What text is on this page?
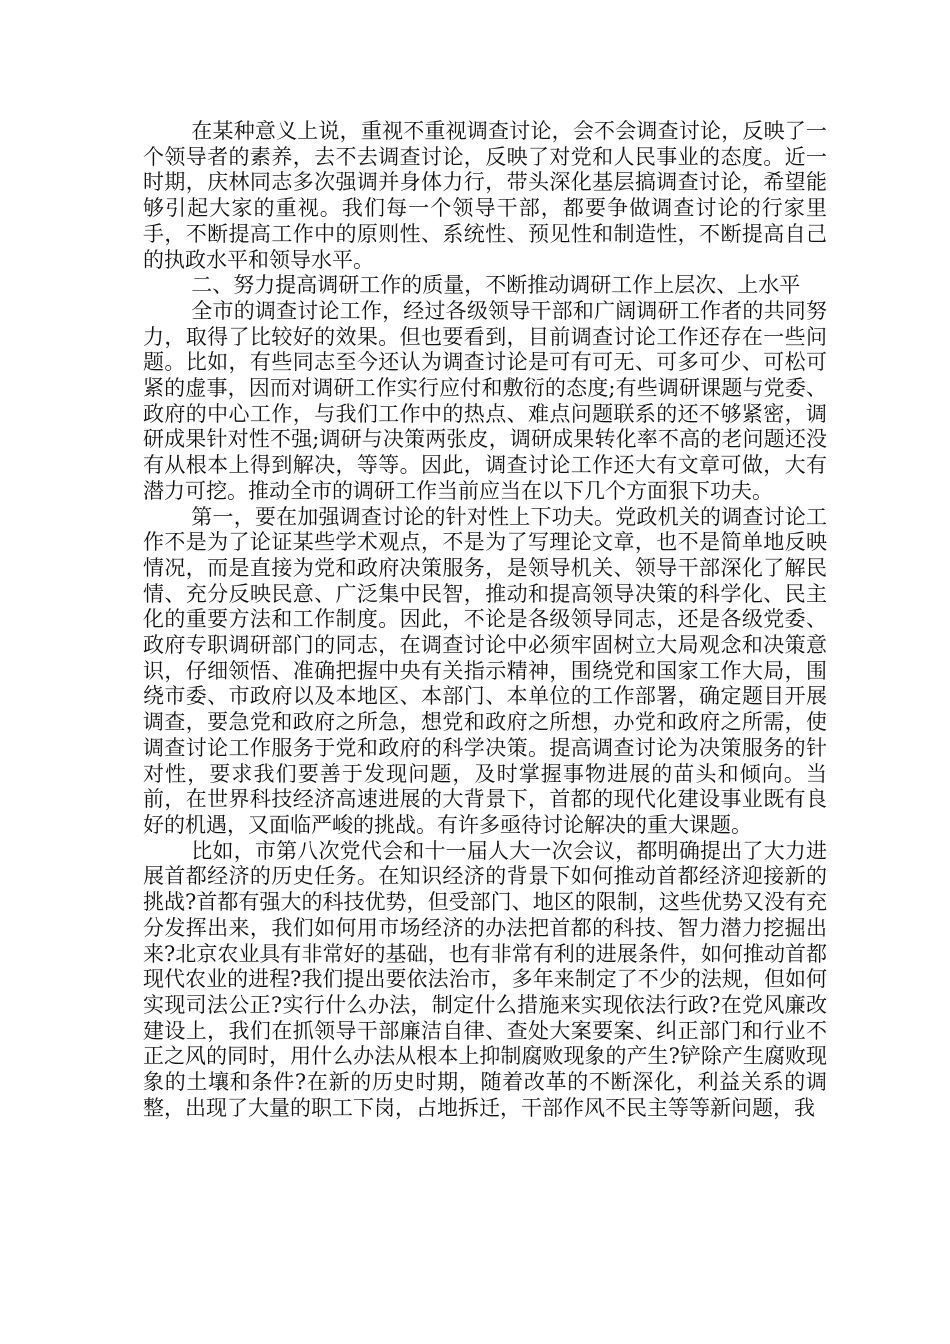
在某种意义上说，重视不重视调查讨论，会不会调查讨论，反映了一个领导者的素养，去不去调查讨论，反映了对党和人民事业的态度。近一时期，庆林同志多次强调并身体力行，带头深化基层搞调查讨论，希望能够引起大家的重视。我们每一个领导干部，都要争做调查讨论的行家里手，不断提高工作中的原则性、系统性、预见性和制造性，不断提高自己的执政水平和领导水平。

二、努力提高调研工作的质量，不断推动调研工作上层次、上水平

全市的调查讨论工作，经过各级领导干部和广阔调研工作者的共同努力，取得了比较好的效果。但也要看到，目前调查讨论工作还存在一些问题。比如，有些同志至今还认为调查讨论是可有可无、可多可少、可松可紧的虚事，因而对调研工作实行应付和敷衍的态度;有些调研课题与党委、政府的中心工作，与我们工作中的热点、难点问题联系的还不够紧密，调研成果针对性不强;调研与决策两张皮，调研成果转化率不高的老问题还没有从根本上得到解决，等等。因此，调查讨论工作还大有文章可做，大有潜力可挖。推动全市的调研工作当前应当在以下几个方面狠下功夫。

第一，要在加强调查讨论的针对性上下功夫。党政机关的调查讨论工作不是为了论证某些学术观点，不是为了写理论文章，也不是简单地反映情况，而是直接为党和政府决策服务，是领导机关、领导干部深化了解民情、充分反映民意、广泛集中民智，推动和提高领导决策的科学化、民主化的重要方法和工作制度。因此，不论是各级领导同志，还是各级党委、政府专职调研部门的同志，在调查讨论中必须牢固树立大局观念和决策意识，仔细领悟、准确把握中央有关指示精神，围绕党和国家工作大局，围绕市委、市政府以及本地区、本部门、本单位的工作部署，确定题目开展调查，要急党和政府之所急，想党和政府之所想，办党和政府之所需，使调查讨论工作服务于党和政府的科学决策。提高调查讨论为决策服务的针对性，要求我们要善于发现问题，及时掌握事物进展的苗头和倾向。当前，在世界科技经济高速进展的大背景下，首都的现代化建设事业既有良好的机遇，又面临严峻的挑战。有许多亟待讨论解决的重大课题。

比如，市第八次党代会和十一届人大一次会议，都明确提出了大力进展首都经济的历史任务。在知识经济的背景下如何推动首都经济迎接新的挑战?首都有强大的科技优势，但受部门、地区的限制，这些优势又没有充分发挥出来，我们如何用市场经济的办法把首都的科技、智力潜力挖掘出来?北京农业具有非常好的基础，也有非常有利的进展条件，如何推动首都现代农业的进程?我们提出要依法治市，多年来制定了不少的法规，但如何实现司法公正?实行什么办法，制定什么措施来实现依法行政?在党风廉改建设上，我们在抓领导干部廉洁自律、查处大案要案、纠正部门和行业不正之风的同时，用什么办法从根本上抑制腐败现象的产生?铲除产生腐败现象的土壤和条件?在新的历史时期，随着改革的不断深化，利益关系的调整，出现了大量的职工下岗，占地拆迁，干部作风不民主等等新问题，我
